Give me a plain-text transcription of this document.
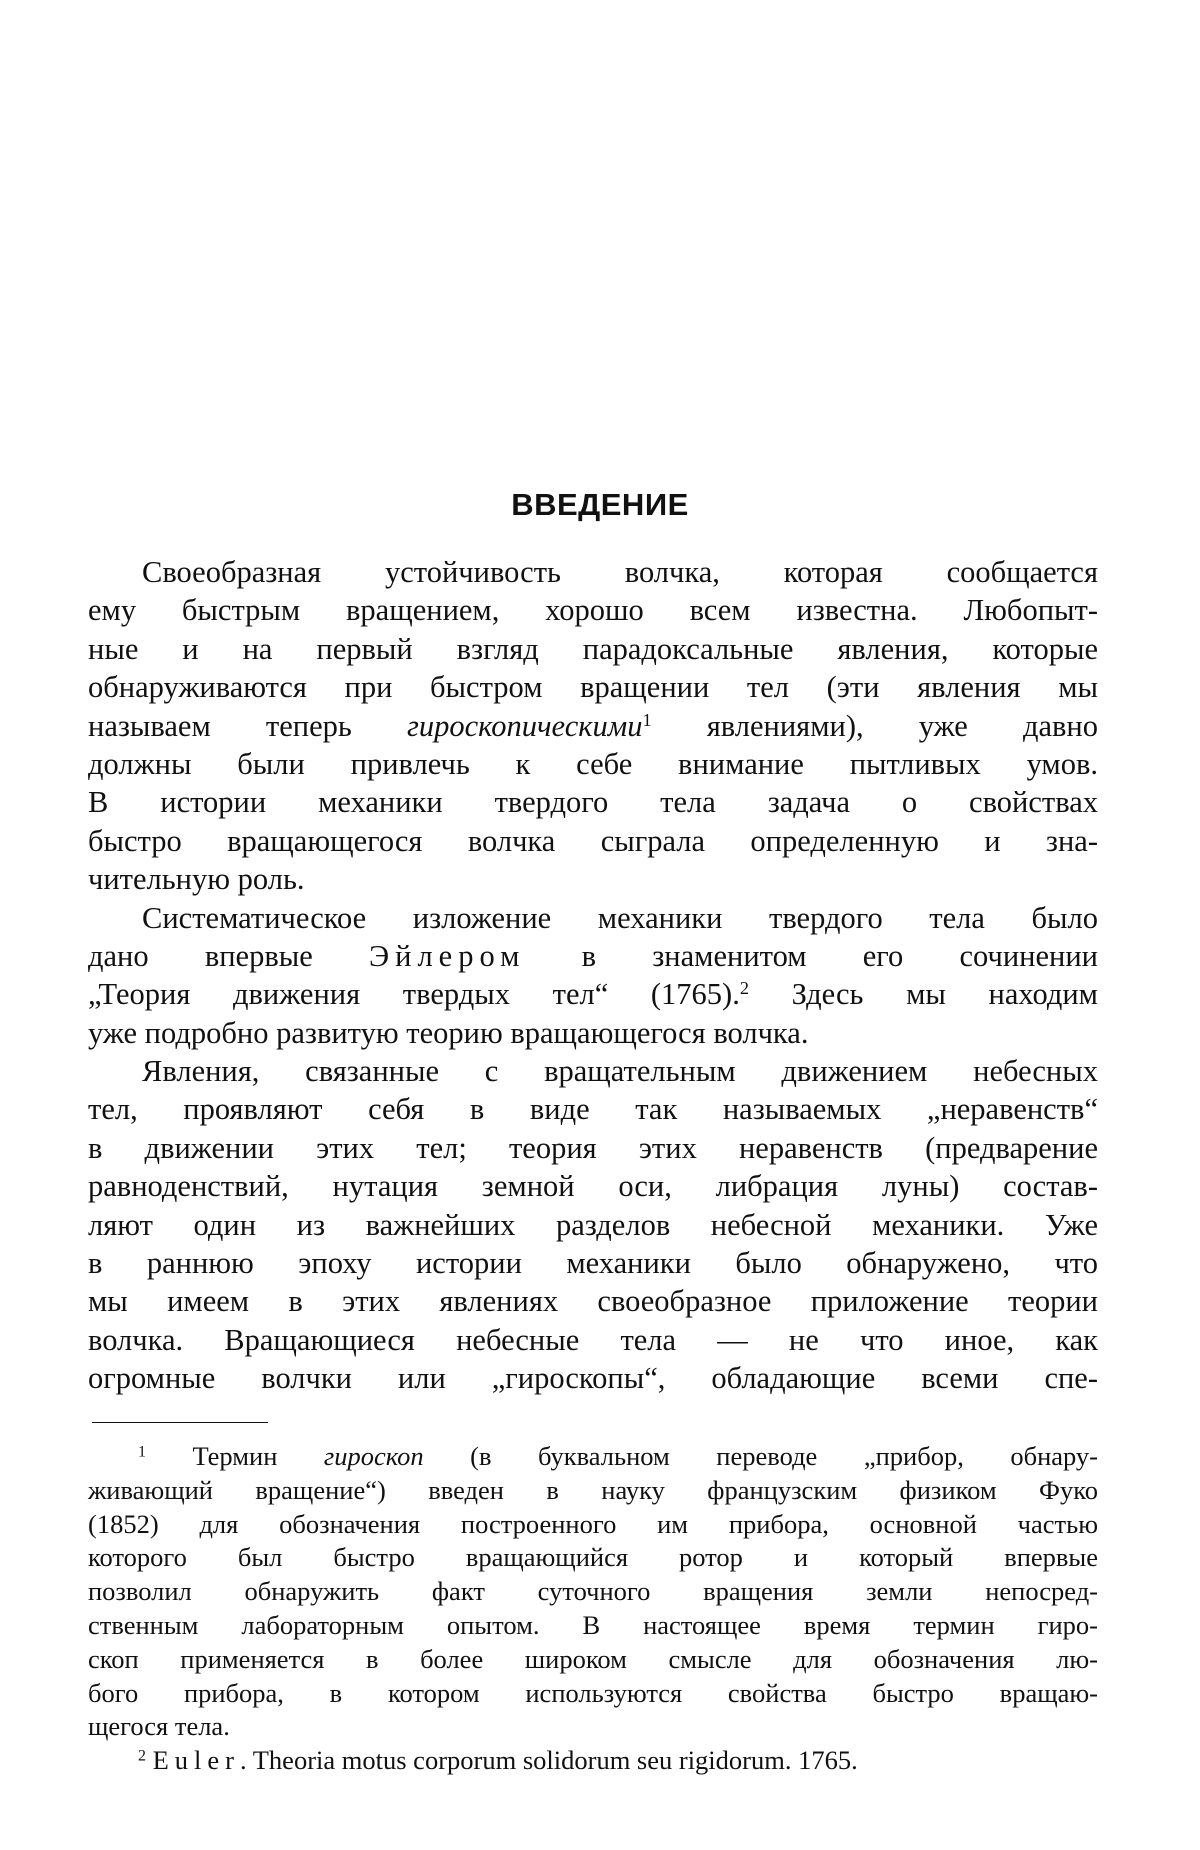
ВВЕДЕНИЕ
Своеобразная устойчивость волчка, которая сообщается
ему быстрым вращением, хорошо всем известна. Любопыт-
ные и на первый взгляд парадоксальные явления, которые
обнаруживаются при быстром вращении тел (эти явления мы
называем теперь гироскопическими$^1$ явлениями), уже давно
должны были привлечь к себе внимание пытливых умов.
В истории механики твердого тела задача о свойствах
быстро вращающегося волчка сыграла определенную и зна-
чительную роль.
Систематическое изложение механики твердого тела было
дано впервые Эйлером в знаменитом его сочинении
„Теория движения твердых тел“ (1765).$^2$ Здесь мы находим
уже подробно развитую теорию вращающегося волчка.
Явления, связанные с вращательным движением небесных
тел, проявляют себя в виде так называемых „неравенств“
в движении этих тел; теория этих неравенств (предварение
равноденствий, нутация земной оси, либрация луны) состав-
ляют один из важнейших разделов небесной механики. Уже
в раннюю эпоху истории механики было обнаружено, что
мы имеем в этих явлениях своеобразное приложение теории
волчка. Вращающиеся небесные тела — не что иное, как
огромные волчки или „гироскопы“, обладающие всеми спе-
$^1$ Термин гироскоп (в буквальном переводе „прибор, обнару-
живающий вращение“) введен в науку французским физиком Фуко
(1852) для обозначения построенного им прибора, основной частью
которого был быстро вращающийся ротор и который впервые
позволил обнаружить факт суточного вращения земли непосред-
ственным лабораторным опытом. В настоящее время термин гиро-
скоп применяется в более широком смысле для обозначения лю-
бого прибора, в котором используются свойства быстро вращаю-
щегося тела.
$^2$ Euler. Theoria motus corporum solidorum seu rigidorum. 1765.
